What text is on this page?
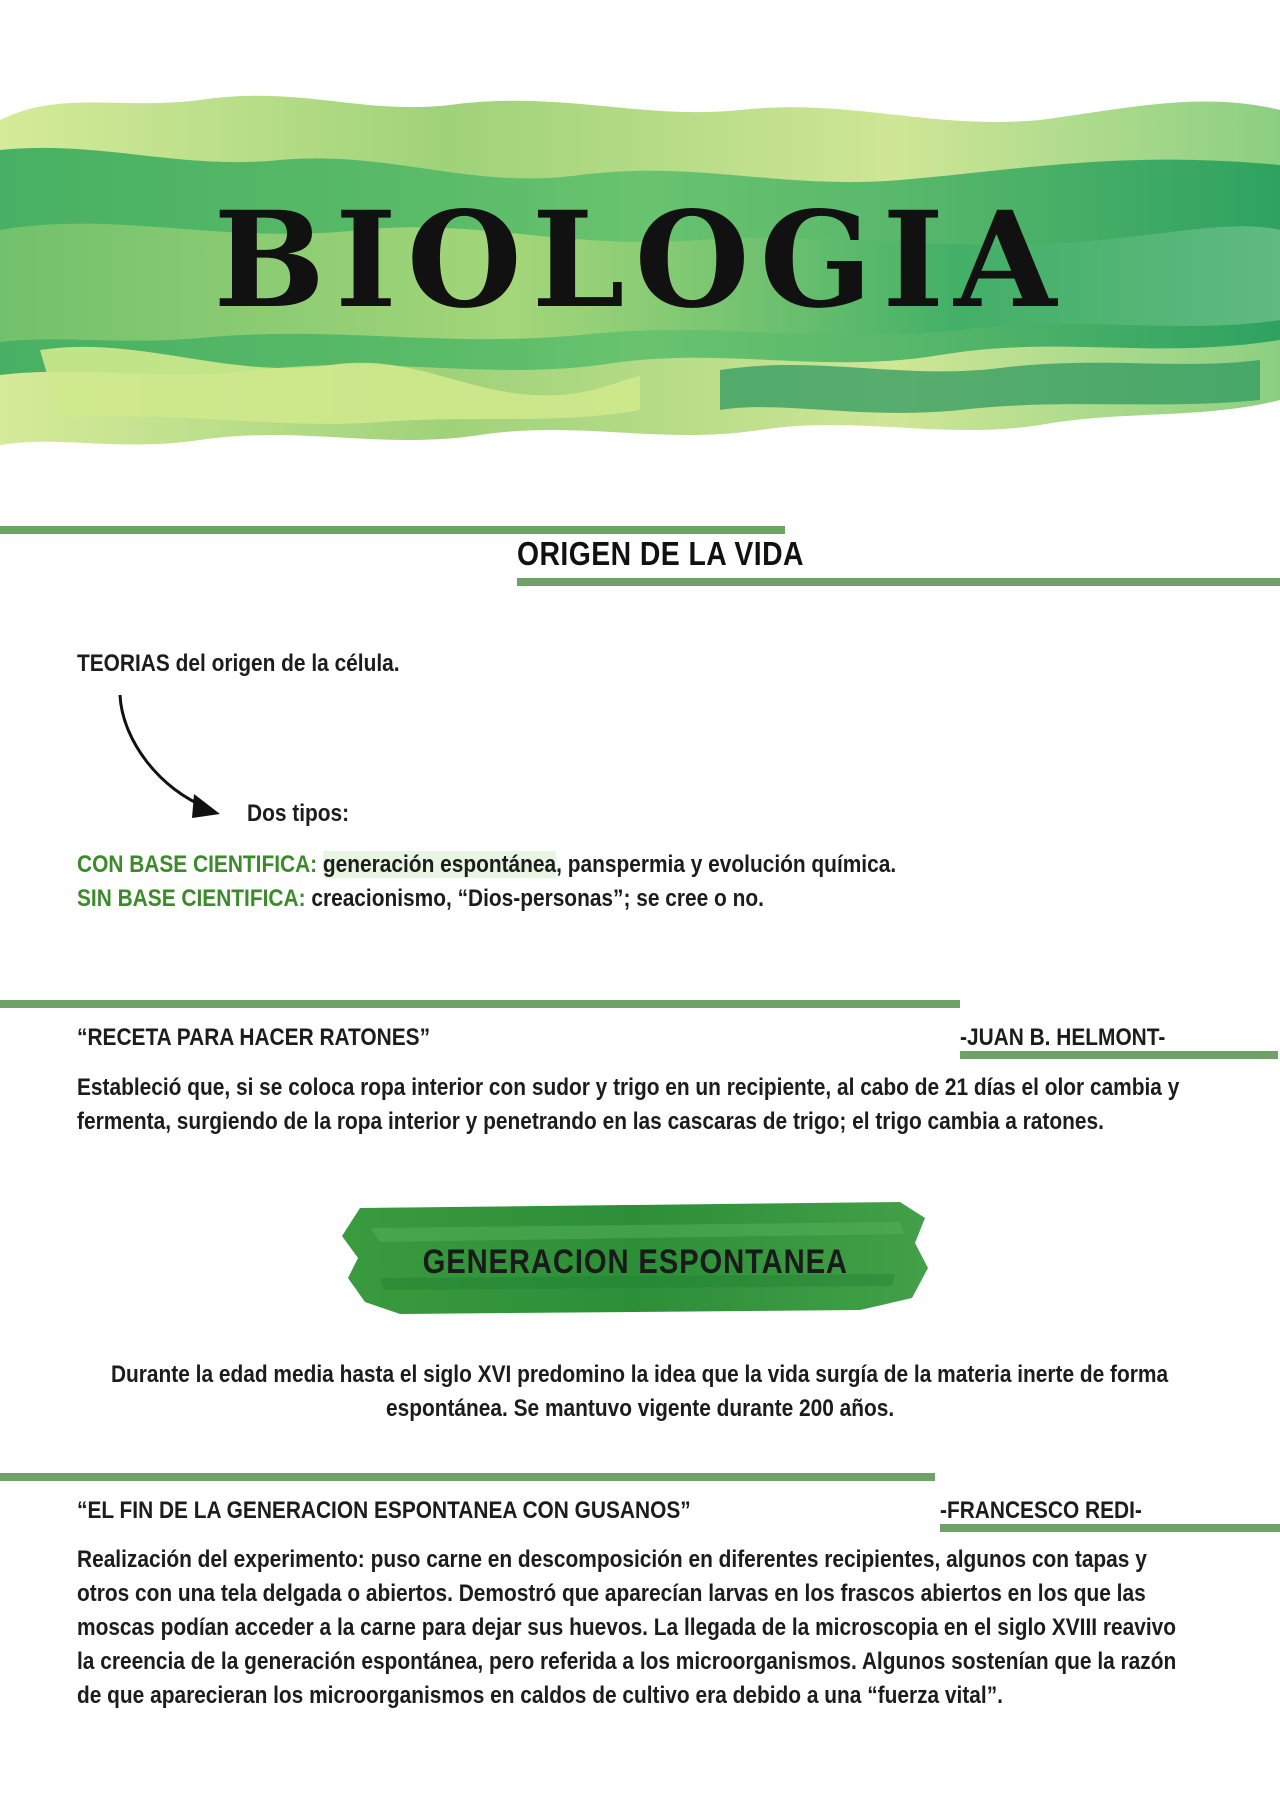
BIOLOGIA
ORIGEN DE LA VIDA
TEORIAS del origen de la célula.
Dos tipos:
CON BASE CIENTIFICA: generación espontánea, panspermia y evolución química.
SIN BASE CIENTIFICA: creacionismo, “Dios-personas”; se cree o no.
“RECETA PARA HACER RATONES”	-JUAN B. HELMONT-
Estableció que, si se coloca ropa interior con sudor y trigo en un recipiente, al cabo de 21 días el olor cambia y
fermenta, surgiendo de la ropa interior y penetrando en las cascaras de trigo; el trigo cambia a ratones.
GENERACION ESPONTANEA
Durante la edad media hasta el siglo XVI predomino la idea que la vida surgía de la materia inerte de forma
espontánea. Se mantuvo vigente durante 200 años.
“EL FIN DE LA GENERACION ESPONTANEA CON GUSANOS”	-FRANCESCO REDI-
Realización del experimento: puso carne en descomposición en diferentes recipientes, algunos con tapas y
otros con una tela delgada o abiertos. Demostró que aparecían larvas en los frascos abiertos en los que las
moscas podían acceder a la carne para dejar sus huevos. La llegada de la microscopia en el siglo XVIII reavivo
la creencia de la generación espontánea, pero referida a los microorganismos. Algunos sostenían que la razón
de que aparecieran los microorganismos en caldos de cultivo era debido a una “fuerza vital”.
